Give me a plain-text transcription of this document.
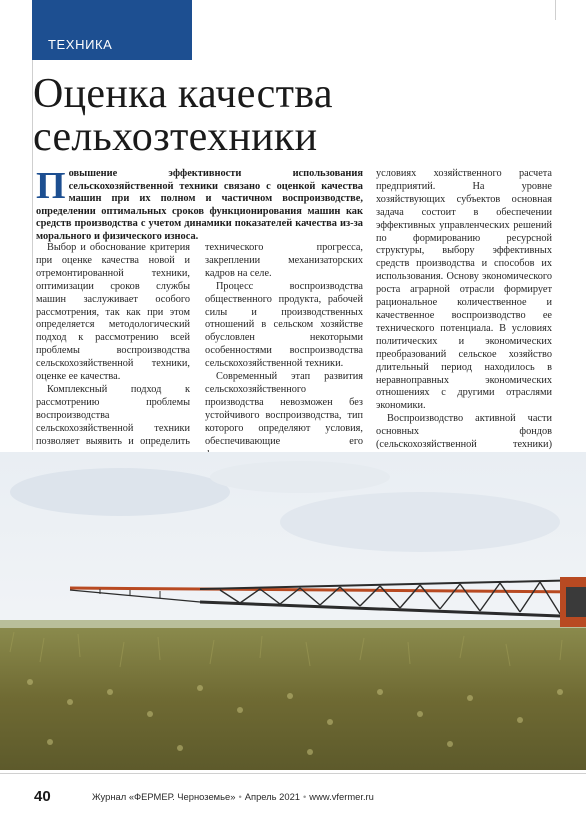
ТЕХНИКА
Оценка качества
сельхозтехники
Повышение эффективности использования сельскохозяйственной техники связано с оценкой качества машин при их полном и частичном воспроизводстве, определении оптимальных сроков функционирования машин как средств производства с учетом динамики показателей качества из-за морального и физического износа.

Выбор и обоснование критерия при оценке качества новой и отремонтированной техники, оптимизации сроков службы машин заслуживает особого рассмотрения, так как при этом определяется методологический подход к рассмотрению всей проблемы воспроизводства сельскохозяйственной техники, оценке ее качества.

Комплексный подход к рассмотрению проблемы воспроизводства сельскохозяйственной техники позволяет выявить и определить

технического прогресса, закреплении механизаторских кадров на селе.

Процесс воспроизводства общественного продукта, рабочей силы и производственных отношений в сельском хозяйстве обусловлен некоторыми особенностями воспроизводства сельскохозяйственной техники.

Современный этап развития сельскохозяйственного производства невозможен без устойчивого воспроизводства, тип которого определяют условия, обеспечивающие его

условиях хозяйственного расчета предприятий. На уровне хозяйствующих субъектов основная задача состоит в обеспечении эффективных управленческих решений по формированию ресурсной структуры, выбору эффективных средств производства и способов их использования. Основу экономического роста аграрной отрасли формирует рациональное количественное и качественное воспроизводство ее технического потенциала. В условиях политических и экономических преобразований сельское хозяйство длительный период находилось в неравноправных экономических отношениях с другими отраслями экономики.

Воспроизводство активной части основных фондов (сельскохозяйственной техники)

40	Журнал «ФЕРМЕР. Черноземье» • Апрель 2021 • www.vfermer.ru
